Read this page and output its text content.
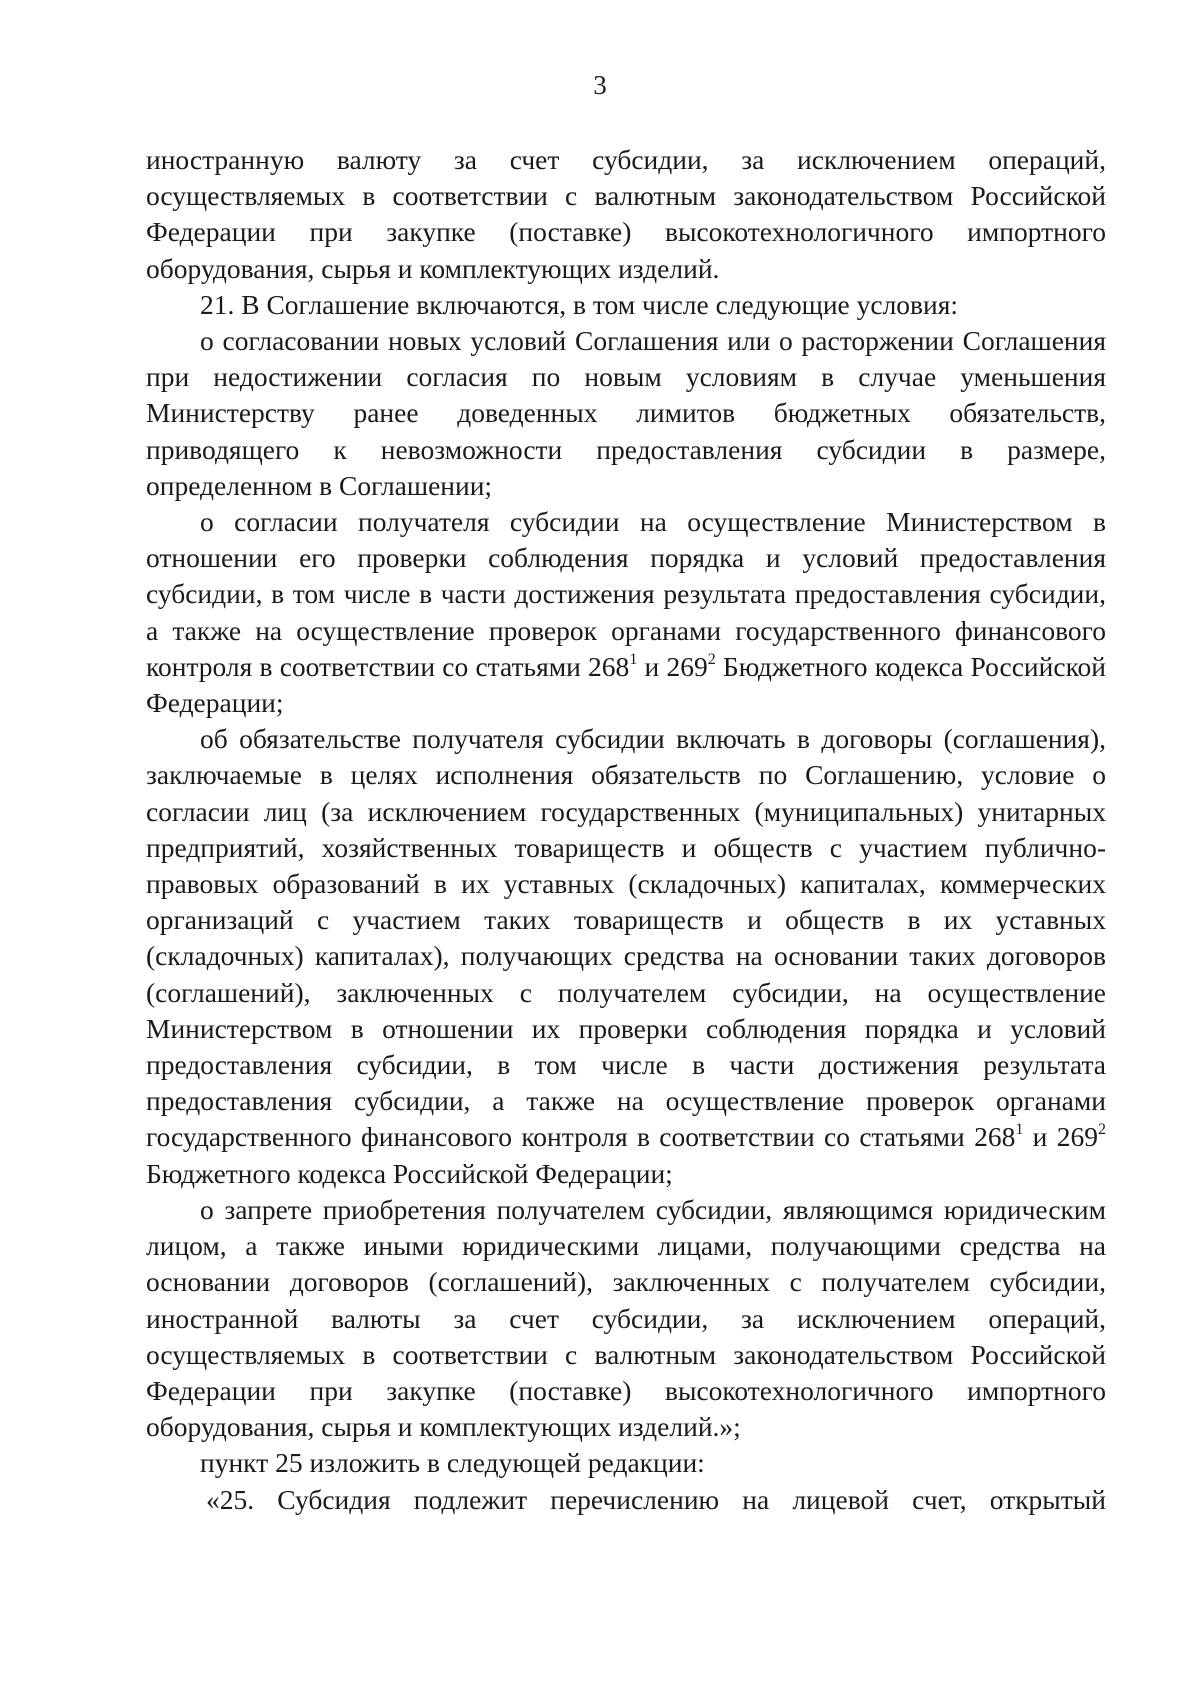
3

иностранную валюту за счет субсидии, за исключением операций, осуществляемых в соответствии с валютным законодательством Российской Федерации при закупке (поставке) высокотехнологичного импортного оборудования, сырья и комплектующих изделий.

21. В Соглашение включаются, в том числе следующие условия:

о согласовании новых условий Соглашения или о расторжении Соглашения при недостижении согласия по новым условиям в случае уменьшения Министерству ранее доведенных лимитов бюджетных обязательств, приводящего к невозможности предоставления субсидии в размере, определенном в Соглашении;

о согласии получателя субсидии на осуществление Министерством в отношении его проверки соблюдения порядка и условий предоставления субсидии, в том числе в части достижения результата предоставления субсидии, а также на осуществление проверок органами государственного финансового контроля в соответствии со статьями $268^1$ и $269^2$ Бюджетного кодекса Российской Федерации;

об обязательстве получателя субсидии включать в договоры (соглашения), заключаемые в целях исполнения обязательств по Соглашению, условие о согласии лиц (за исключением государственных (муниципальных) унитарных предприятий, хозяйственных товариществ и обществ с участием публично-правовых образований в их уставных (складочных) капиталах, коммерческих организаций с участием таких товариществ и обществ в их уставных (складочных) капиталах), получающих средства на основании таких договоров (соглашений), заключенных с получателем субсидии, на осуществление Министерством в отношении их проверки соблюдения порядка и условий предоставления субсидии, в том числе в части достижения результата предоставления субсидии, а также на осуществление проверок органами государственного финансового контроля в соответствии со статьями $268^1$ и $269^2$ Бюджетного кодекса Российской Федерации;

о запрете приобретения получателем субсидии, являющимся юридическим лицом, а также иными юридическими лицами, получающими средства на основании договоров (соглашений), заключенных с получателем субсидии, иностранной валюты за счет субсидии, за исключением операций, осуществляемых в соответствии с валютным законодательством Российской Федерации при закупке (поставке) высокотехнологичного импортного оборудования, сырья и комплектующих изделий.»;

пункт 25 изложить в следующей редакции:

«25. Субсидия подлежит перечислению на лицевой счет, открытый
